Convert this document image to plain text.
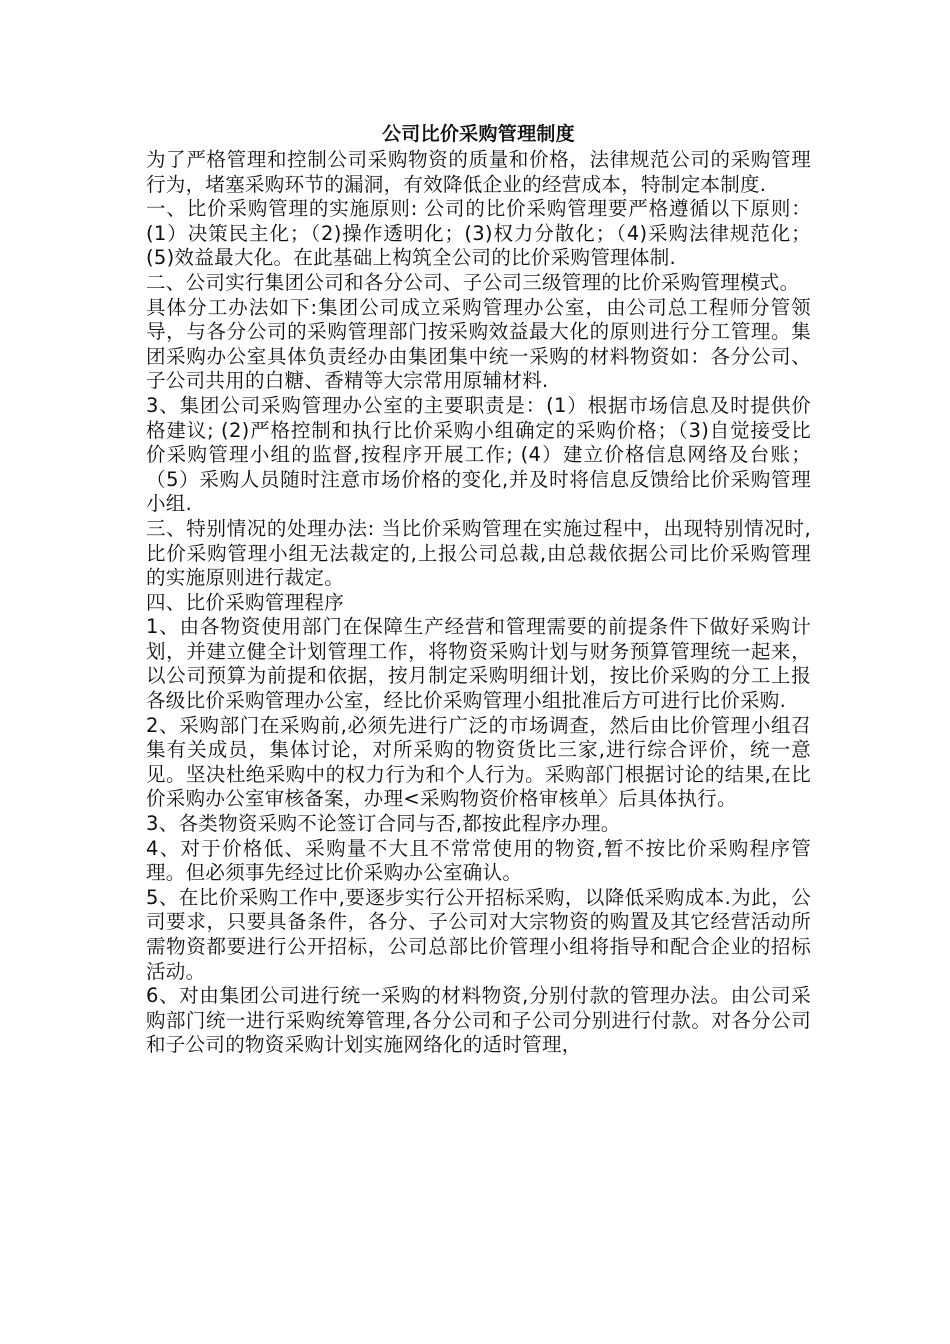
公司比价采购管理制度

为了严格管理和控制公司采购物资的质量和价格，法律规范公司的采购管理行为，堵塞采购环节的漏洞，有效降低企业的经营成本，特制定本制度.

一、比价采购管理的实施原则: 公司的比价采购管理要严格遵循以下原则：(1）决策民主化；（2)操作透明化；(3)权力分散化；（4)采购法律规范化；(5)效益最大化。在此基础上构筑全公司的比价采购管理体制.

二、公司实行集团公司和各分公司、子公司三级管理的比价采购管理模式。

具体分工办法如下:集团公司成立采购管理办公室，由公司总工程师分管领导，与各分公司的采购管理部门按采购效益最大化的原则进行分工管理。集团采购办公室具体负责经办由集团集中统一采购的材料物资如：各分公司、子公司共用的白糖、香精等大宗常用原辅材料.

3、集团公司采购管理办公室的主要职责是：(1）根据市场信息及时提供价格建议; (2)严格控制和执行比价采购小组确定的采购价格；（3)自觉接受比价采购管理小组的监督,按程序开展工作; (4）建立价格信息网络及台账；（5）采购人员随时注意市场价格的变化,并及时将信息反馈给比价采购管理小组.

三、特别情况的处理办法: 当比价采购管理在实施过程中，出现特别情况时,比价采购管理小组无法裁定的,上报公司总裁,由总裁依据公司比价采购管理的实施原则进行裁定。

四、比价采购管理程序

1、由各物资使用部门在保障生产经营和管理需要的前提条件下做好采购计划，并建立健全计划管理工作，将物资采购计划与财务预算管理统一起来，以公司预算为前提和依据，按月制定采购明细计划，按比价采购的分工上报各级比价采购管理办公室，经比价采购管理小组批准后方可进行比价采购.

2、采购部门在采购前,必须先进行广泛的市场调查，然后由比价管理小组召集有关成员，集体讨论，对所采购的物资货比三家,进行综合评价，统一意见。坚决杜绝采购中的权力行为和个人行为。采购部门根据讨论的结果,在比价采购办公室审核备案，办理<采购物资价格审核单〉后具体执行。

3、各类物资采购不论签订合同与否,都按此程序办理。

4、对于价格低、采购量不大且不常常使用的物资,暂不按比价采购程序管理。但必须事先经过比价采购办公室确认。

5、在比价采购工作中,要逐步实行公开招标采购，以降低采购成本.为此，公司要求，只要具备条件，各分、子公司对大宗物资的购置及其它经营活动所需物资都要进行公开招标，公司总部比价管理小组将指导和配合企业的招标活动。

6、对由集团公司进行统一采购的材料物资,分别付款的管理办法。由公司采购部门统一进行采购统筹管理,各分公司和子公司分别进行付款。对各分公司和子公司的物资采购计划实施网络化的适时管理，
